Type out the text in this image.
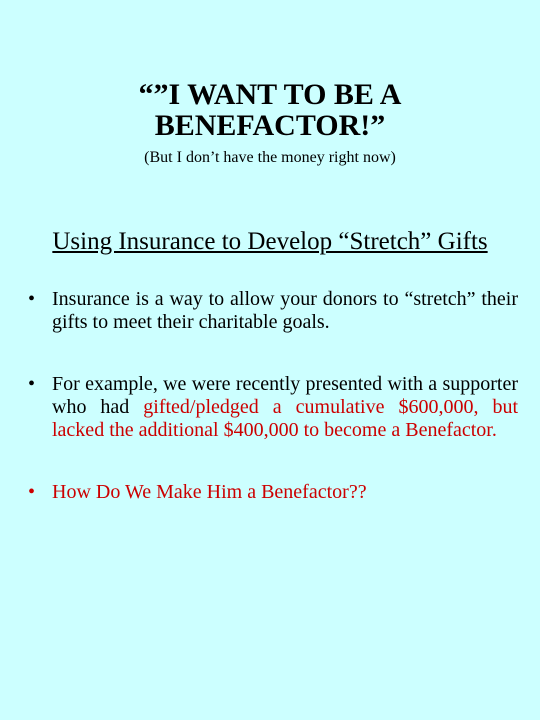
“”I WANT TO BE A
BENEFACTOR!”
(But I don’t have the money right now)
Using Insurance to Develop “Stretch” Gifts
• Insurance is a way to allow your donors to “stretch” their gifts to meet their charitable goals.
• For example, we were recently presented with a supporter who had gifted/pledged a cumulative $600,000, but lacked the additional $400,000 to become a Benefactor.
• How Do We Make Him a Benefactor??
